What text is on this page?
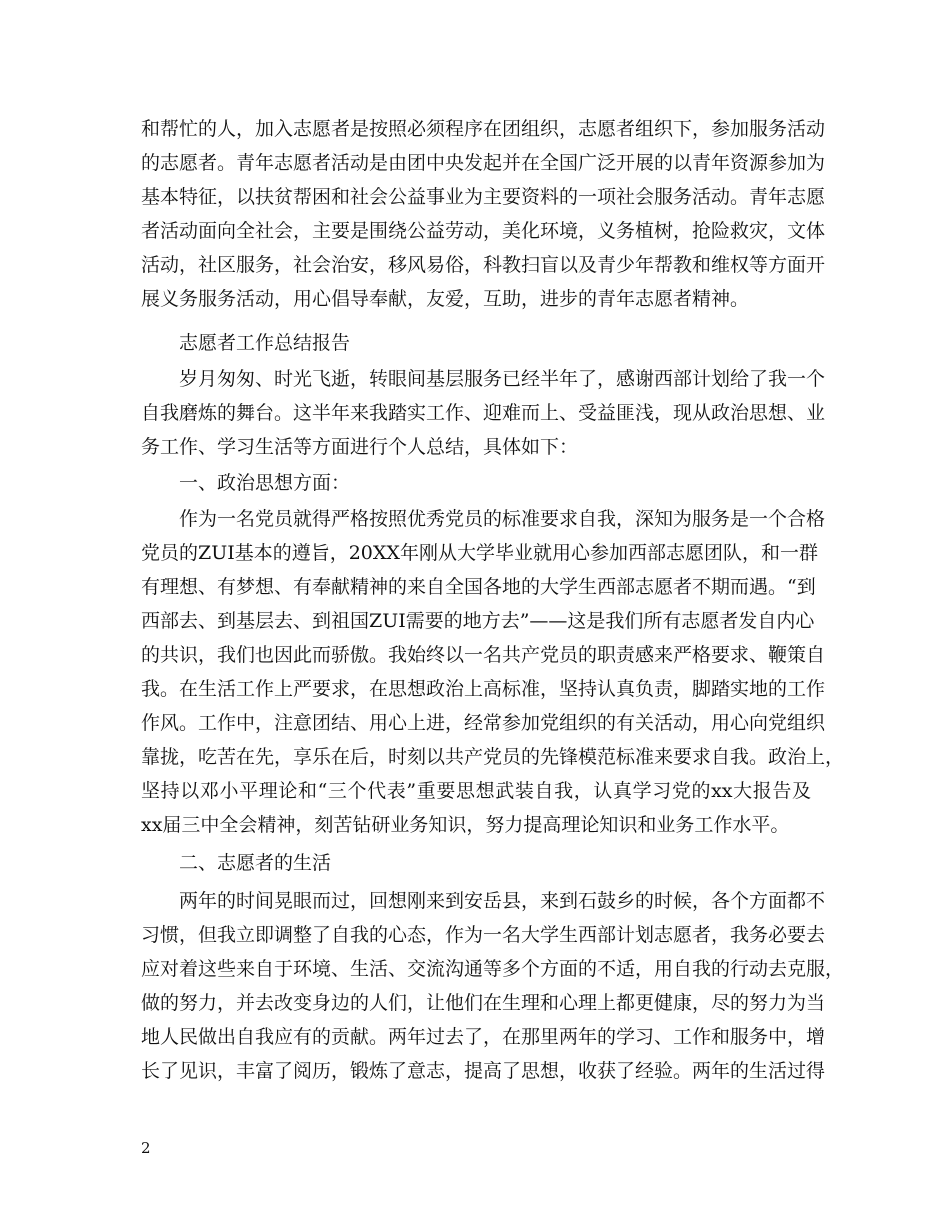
和帮忙的人，加入志愿者是按照必须程序在团组织，志愿者组织下，参加服务活动
的志愿者。青年志愿者活动是由团中央发起并在全国广泛开展的以青年资源参加为
基本特征，以扶贫帮困和社会公益事业为主要资料的一项社会服务活动。青年志愿
者活动面向全社会，主要是围绕公益劳动，美化环境，义务植树，抢险救灾，文体
活动，社区服务，社会治安，移风易俗，科教扫盲以及青少年帮教和维权等方面开
展义务服务活动，用心倡导奉献，友爱，互助，进步的青年志愿者精神。
志愿者工作总结报告
岁月匆匆、时光飞逝，转眼间基层服务已经半年了，感谢西部计划给了我一个
自我磨炼的舞台。这半年来我踏实工作、迎难而上、受益匪浅，现从政治思想、业
务工作、学习生活等方面进行个人总结，具体如下：
一、政治思想方面：
作为一名党员就得严格按照优秀党员的标准要求自我，深知为服务是一个合格
党员的ZUI基本的遵旨，20XX年刚从大学毕业就用心参加西部志愿团队，和一群
有理想、有梦想、有奉献精神的来自全国各地的大学生西部志愿者不期而遇。“到
西部去、到基层去、到祖国ZUI需要的地方去”——这是我们所有志愿者发自内心
的共识，我们也因此而骄傲。我始终以一名共产党员的职责感来严格要求、鞭策自
我。在生活工作上严要求，在思想政治上高标准，坚持认真负责，脚踏实地的工作
作风。工作中，注意团结、用心上进，经常参加党组织的有关活动，用心向党组织
靠拢，吃苦在先，享乐在后，时刻以共产党员的先锋模范标准来要求自我。政治上，
坚持以邓小平理论和“三个代表”重要思想武装自我，认真学习党的xx大报告及
xx届三中全会精神，刻苦钻研业务知识，努力提高理论知识和业务工作水平。
二、志愿者的生活
两年的时间晃眼而过，回想刚来到安岳县，来到石鼓乡的时候，各个方面都不
习惯，但我立即调整了自我的心态，作为一名大学生西部计划志愿者，我务必要去
应对着这些来自于环境、生活、交流沟通等多个方面的不适，用自我的行动去克服，
做的努力，并去改变身边的人们，让他们在生理和心理上都更健康，尽的努力为当
地人民做出自我应有的贡献。两年过去了，在那里两年的学习、工作和服务中，增
长了见识，丰富了阅历，锻炼了意志，提高了思想，收获了经验。两年的生活过得
2
